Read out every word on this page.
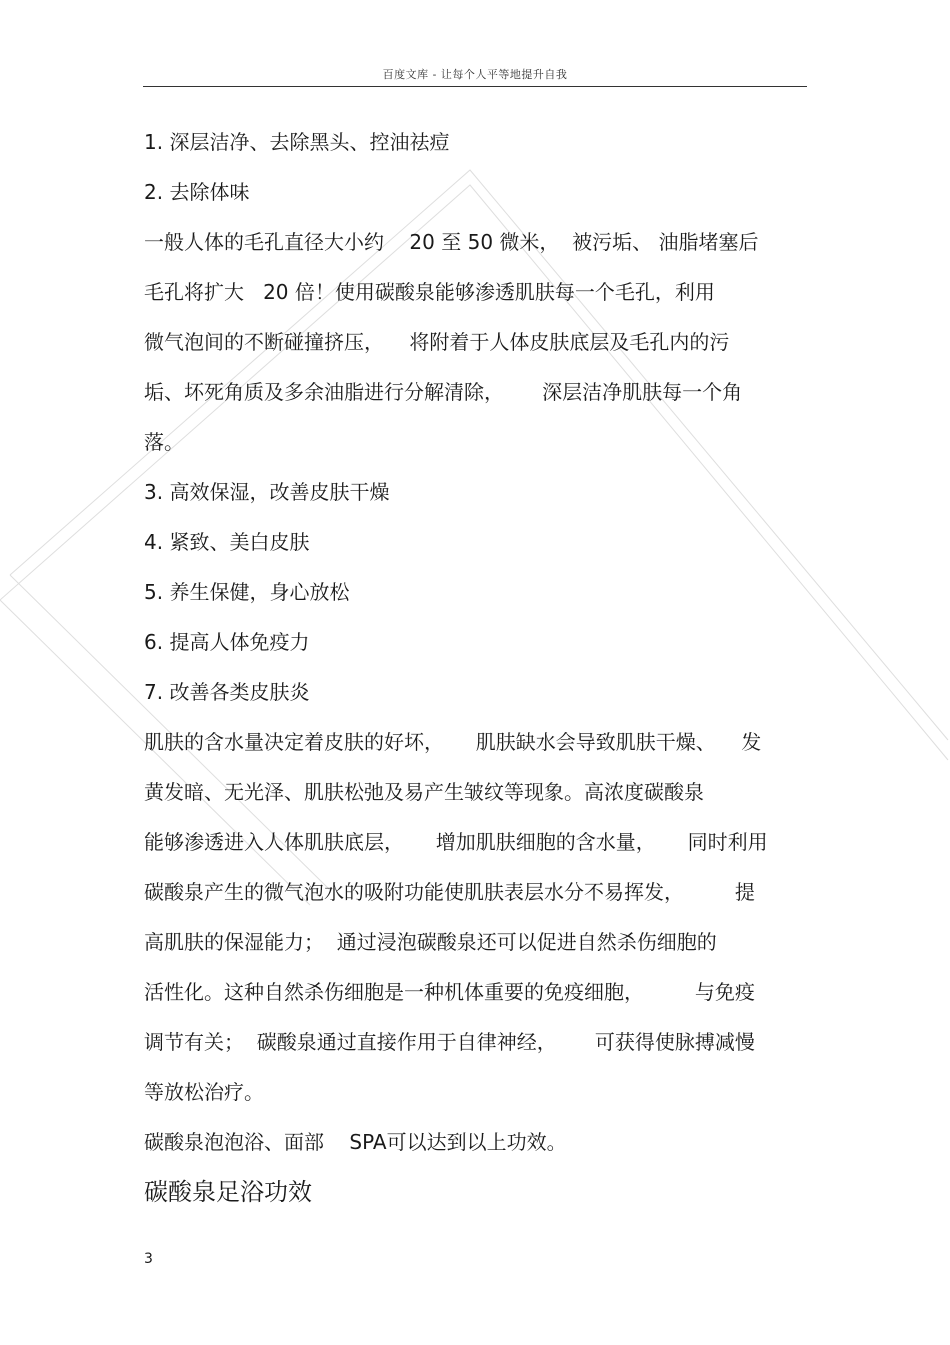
百度文库 - 让每个人平等地提升自我
1. 深层洁净、去除黑头、控油祛痘
2. 去除体味
一般人体的毛孔直径大小约    20 至 50 微米，  被污垢、 油脂堵塞后
毛孔将扩大   20 倍！使用碳酸泉能够渗透肌肤每一个毛孔，利用
微气泡间的不断碰撞挤压，    将附着于人体皮肤底层及毛孔内的污
垢、坏死角质及多余油脂进行分解清除，      深层洁净肌肤每一个角
落。
3. 高效保湿，改善皮肤干燥
4. 紧致、美白皮肤
5. 养生保健，身心放松
6. 提高人体免疫力
7. 改善各类皮肤炎
肌肤的含水量决定着皮肤的好坏，     肌肤缺水会导致肌肤干燥、    发
黄发暗、无光泽、肌肤松弛及易产生皱纹等现象。高浓度碳酸泉
能够渗透进入人体肌肤底层，     增加肌肤细胞的含水量，     同时利用
碳酸泉产生的微气泡水的吸附功能使肌肤表层水分不易挥发，        提
高肌肤的保湿能力；  通过浸泡碳酸泉还可以促进自然杀伤细胞的
活性化。这种自然杀伤细胞是一种机体重要的免疫细胞，        与免疫
调节有关；  碳酸泉通过直接作用于自律神经，      可获得使脉搏减慢
等放松治疗。
碳酸泉泡泡浴、面部    SPA可以达到以上功效。
碳酸泉足浴功效
3
